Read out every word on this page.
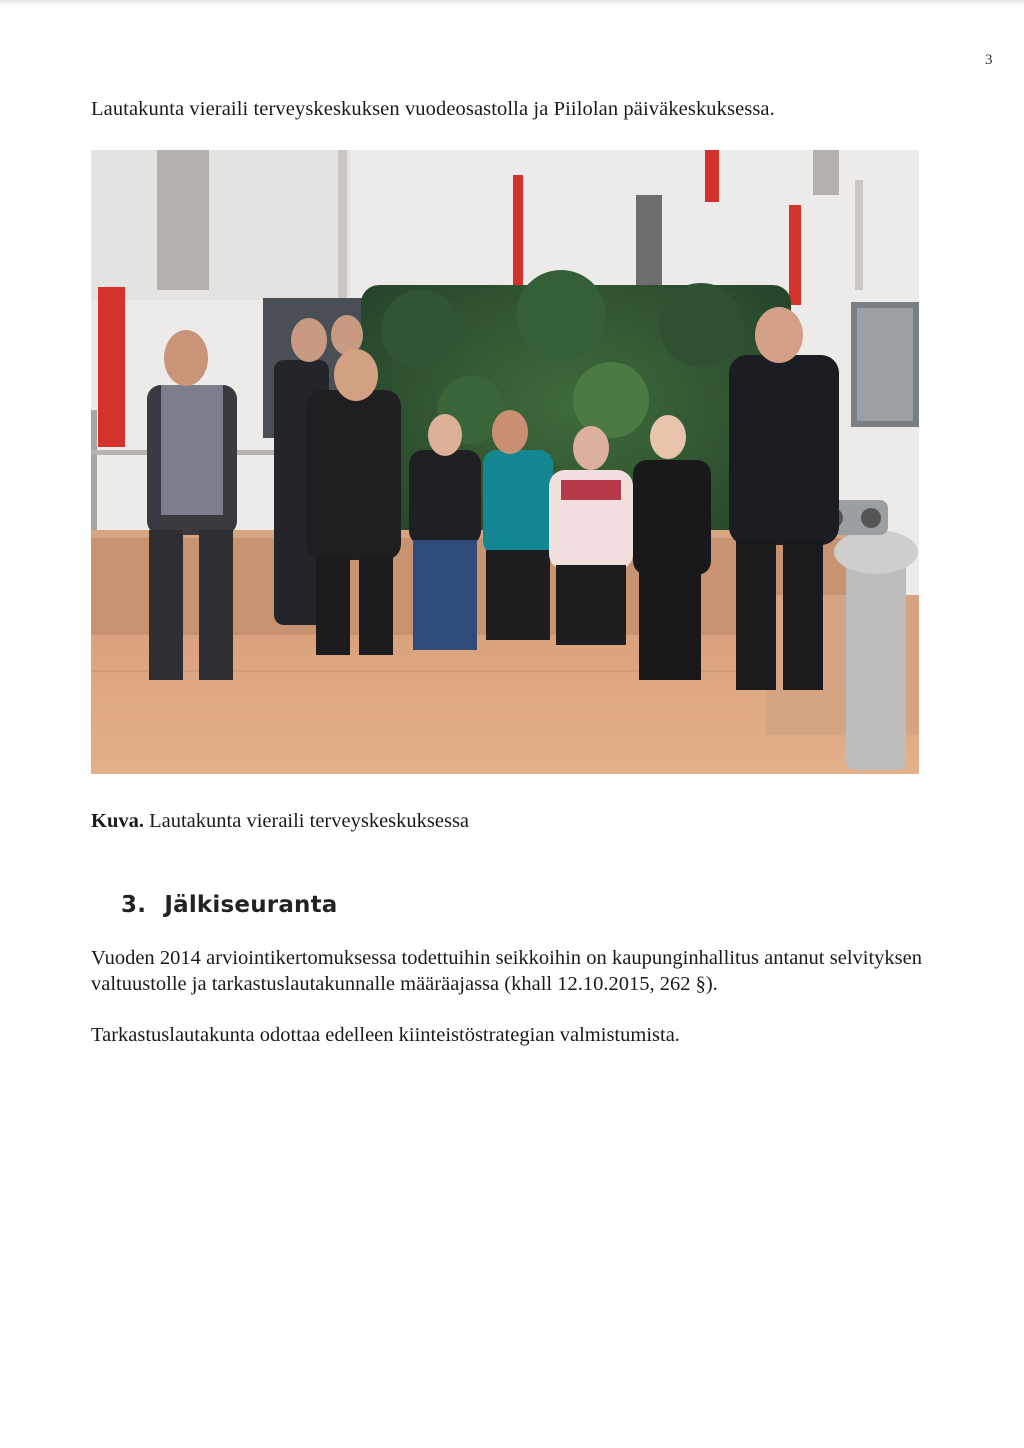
3
Lautakunta vieraili terveyskeskuksen vuodeosastolla ja Piilolan päiväkeskuksessa.
Kuva. Lautakunta vieraili terveyskeskuksessa
3. Jälkiseuranta
Vuoden 2014 arviointikertomuksessa todettuihin seikkoihin on kaupunginhallitus antanut selvityksen valtuustolle ja tarkastuslautakunnalle määräajassa (khall 12.10.2015, 262 §).
Tarkastuslautakunta odottaa edelleen kiinteistöstrategian valmistumista.
